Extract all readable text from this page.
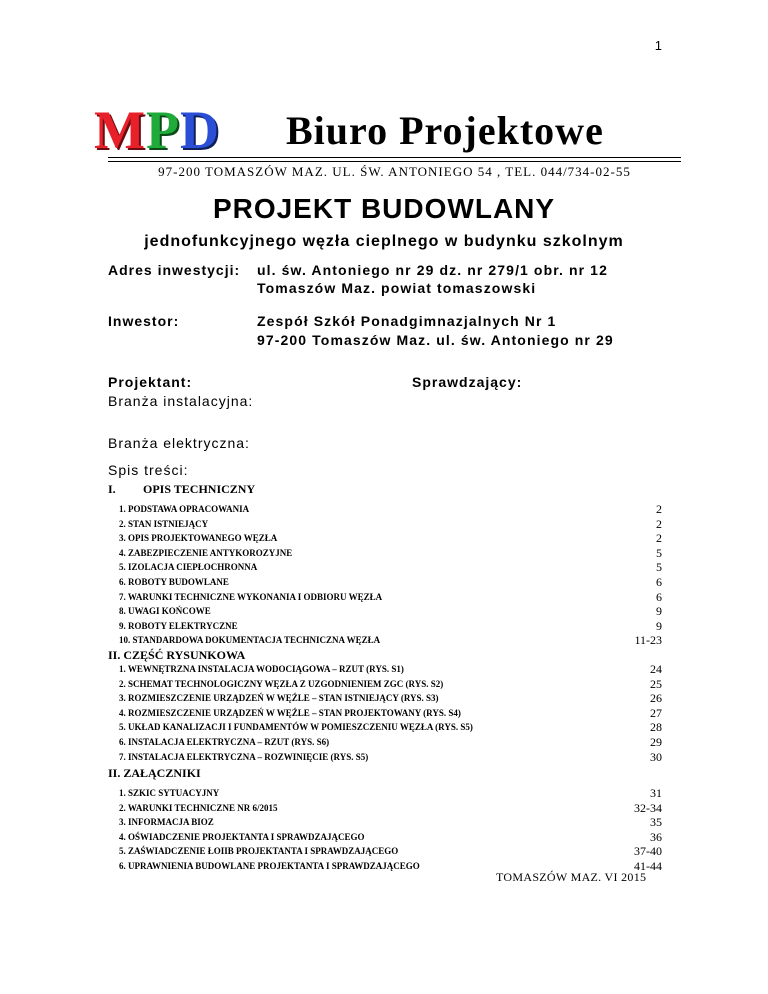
1
MPD Biuro Projektowe
97-200 TOMASZÓW MAZ. UL. ŚW. ANTONIEGO 54 , TEL. 044/734-02-55
PROJEKT BUDOWLANY
jednofunkcyjnego węzła cieplnego w budynku szkolnym
Adres inwestycji: ul. św. Antoniego nr 29 dz. nr 279/1 obr. nr 12
Tomaszów Maz. powiat tomaszowski
Inwestor:	Zespół Szkół Ponadgimnazjalnych Nr 1
97-200 Tomaszów Maz. ul. św. Antoniego nr 29
Projektant:	Sprawdzający:
Branża instalacyjna:
Branża elektryczna:
Spis treści:
I. OPIS TECHNICZNY
1. PODSTAWA OPRACOWANIA	2
2. STAN ISTNIEJĄCY	2
3. OPIS PROJEKTOWANEGO WĘZŁA	2
4. ZABEZPIECZENIE ANTYKOROZYJNE	5
5. IZOLACJA CIEPŁOCHRONNA	5
6. ROBOTY BUDOWLANE	6
7. WARUNKI TECHNICZNE WYKONANIA I ODBIORU WĘZŁA	6
8. UWAGI KOŃCOWE	9
9. ROBOTY ELEKTRYCZNE	9
10. STANDARDOWA DOKUMENTACJA TECHNICZNA WĘZŁA	11-23
II. CZĘŚĆ RYSUNKOWA
1. WEWNĘTRZNA INSTALACJA WODOCIĄGOWA – RZUT (RYS. S1)	24
2. SCHEMAT TECHNOLOGICZNY WĘZŁA Z UZGODNIENIEM ZGC (RYS. S2)	25
3. ROZMIESZCZENIE URZĄDZEŃ W WĘŹLE – STAN ISTNIEJĄCY (RYS. S3)	26
4. ROZMIESZCZENIE URZĄDZEŃ W WĘŹLE – STAN PROJEKTOWANY (RYS. S4)	27
5. UKŁAD KANALIZACJI I FUNDAMENTÓW W POMIESZCZENIU WĘZŁA (RYS. S5)	28
6. INSTALACJA ELEKTRYCZNA – RZUT (RYS. S6)	29
7. INSTALACJA ELEKTRYCZNA – ROZWINIĘCIE (RYS. S5)	30
II. ZAŁĄCZNIKI
1. SZKIC SYTUACYJNY	31
2. WARUNKI TECHNICZNE NR 6/2015	32-34
3. INFORMACJA BIOZ	35
4. OŚWIADCZENIE PROJEKTANTA I SPRAWDZAJĄCEGO	36
5. ZAŚWIADCZENIE ŁOIIB PROJEKTANTA I SPRAWDZAJĄCEGO	37-40
6. UPRAWNIENIA BUDOWLANE PROJEKTANTA I SPRAWDZAJĄCEGO	41-44
TOMASZÓW MAZ. VI 2015
